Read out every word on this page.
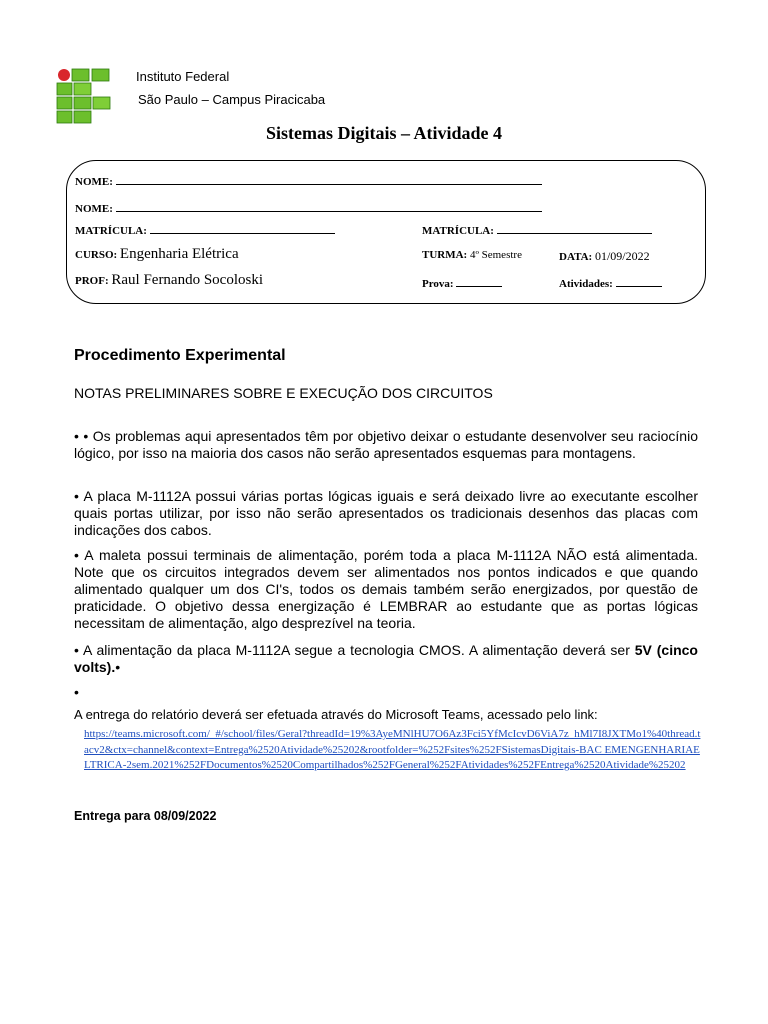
Instituto Federal
São Paulo – Campus Piracicaba
Sistemas Digitais – Atividade 4
NOME:
NOME:
MATRÍCULA:	MATRÍCULA:
CURSO: Engenharia Elétrica	TURMA: 4º Semestre	DATA: 01/09/2022
PROF: Raul Fernando Socoloski	Prova:	Atividades:
Procedimento Experimental
NOTAS PRELIMINARES SOBRE E EXECUÇÃO DOS CIRCUITOS
• • Os problemas aqui apresentados têm por objetivo deixar o estudante desenvolver seu raciocínio lógico, por isso na maioria dos casos não serão apresentados esquemas para montagens.
• A placa M-1112A possui várias portas lógicas iguais e será deixado livre ao executante escolher quais portas utilizar, por isso não serão apresentados os tradicionais desenhos das placas com indicações dos cabos.
• A maleta possui terminais de alimentação, porém toda a placa M-1112A NÃO está alimentada. Note que os circuitos integrados devem ser alimentados nos pontos indicados e que quando alimentado qualquer um dos CI's, todos os demais também serão energizados, por questão de praticidade. O objetivo dessa energização é LEMBRAR ao estudante que as portas lógicas necessitam de alimentação, algo desprezível na teoria.
• A alimentação da placa M-1112A segue a tecnologia CMOS. A alimentação deverá ser 5V (cinco volts).•
•
A entrega do relatório deverá ser efetuada através do Microsoft Teams, acessado pelo link:
https://teams.microsoft.com/_#/school/files/Geral?threadId=19%3AyeMNlHU7O6Az3Fci5YfMcIcvD6ViA7z_hMl7I8JXTMo1%40thread.tacv2&ctx=channel&context=Entrega%2520Atividade%25202&rootfolder=%252Fsites%252FSistemasDigitais-BAC EMENGENHARIAELTRICA-2sem.2021%252FDocumentos%2520Compartilhados%252FGeneral%252FAtividades%252FEntrega%2520Atividade%25202
Entrega para 08/09/2022
